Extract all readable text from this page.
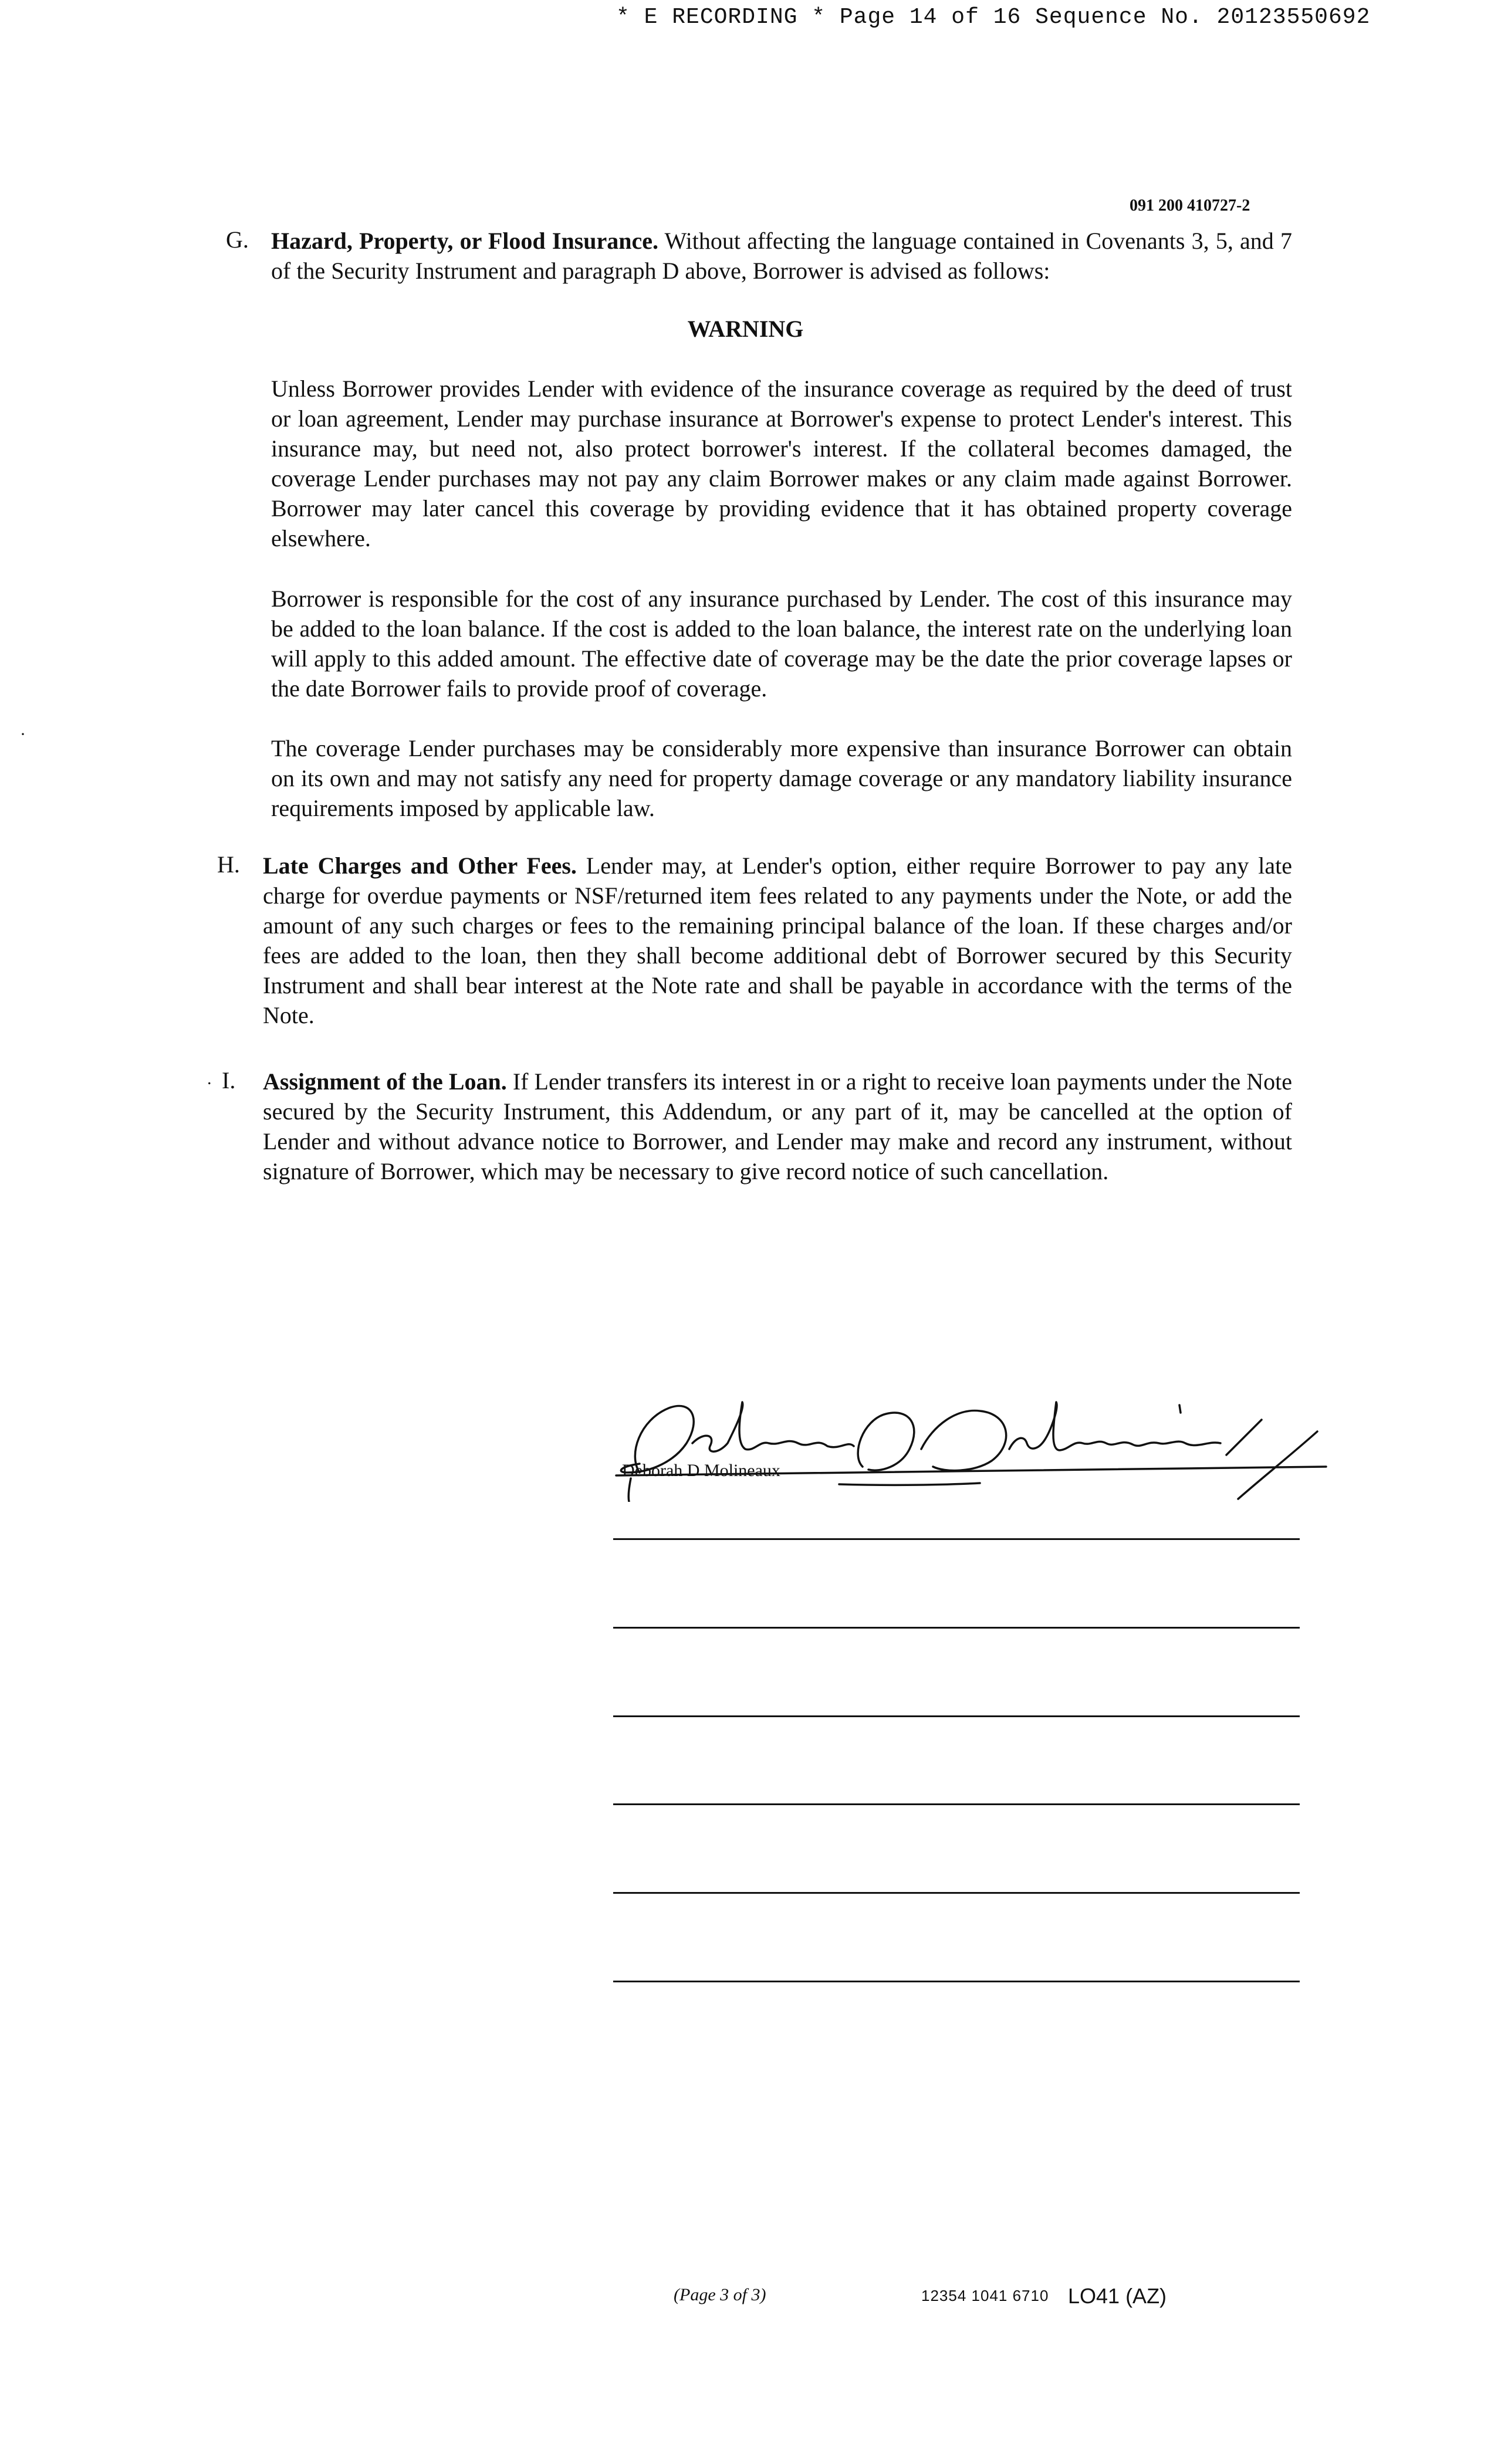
* E RECORDING * Page 14 of 16 Sequence No. 20123550692
091 200 410727-2
G. Hazard, Property, or Flood Insurance. Without affecting the language contained in Covenants 3, 5, and 7 of the Security Instrument and paragraph D above, Borrower is advised as follows:
WARNING
Unless Borrower provides Lender with evidence of the insurance coverage as required by the deed of trust or loan agreement, Lender may purchase insurance at Borrower's expense to protect Lender's interest. This insurance may, but need not, also protect borrower's interest. If the collateral becomes damaged, the coverage Lender purchases may not pay any claim Borrower makes or any claim made against Borrower. Borrower may later cancel this coverage by providing evidence that it has obtained property coverage elsewhere.
Borrower is responsible for the cost of any insurance purchased by Lender. The cost of this insurance may be added to the loan balance. If the cost is added to the loan balance, the interest rate on the underlying loan will apply to this added amount. The effective date of coverage may be the date the prior coverage lapses or the date Borrower fails to provide proof of coverage.
The coverage Lender purchases may be considerably more expensive than insurance Borrower can obtain on its own and may not satisfy any need for property damage coverage or any mandatory liability insurance requirements imposed by applicable law.
·
H. Late Charges and Other Fees. Lender may, at Lender's option, either require Borrower to pay any late charge for overdue payments or NSF/returned item fees related to any payments under the Note, or add the amount of any such charges or fees to the remaining principal balance of the loan. If these charges and/or fees are added to the loan, then they shall become additional debt of Borrower secured by this Security Instrument and shall bear interest at the Note rate and shall be payable in accordance with the terms of the Note.
. I. Assignment of the Loan. If Lender transfers its interest in or a right to receive loan payments under the Note secured by the Security Instrument, this Addendum, or any part of it, may be cancelled at the option of Lender and without advance notice to Borrower, and Lender may make and record any instrument, without signature of Borrower, which may be necessary to give record notice of such cancellation.
Deborah D Molineaux
(Page 3 of 3)	12354 1041 6710 LO41 (AZ)
